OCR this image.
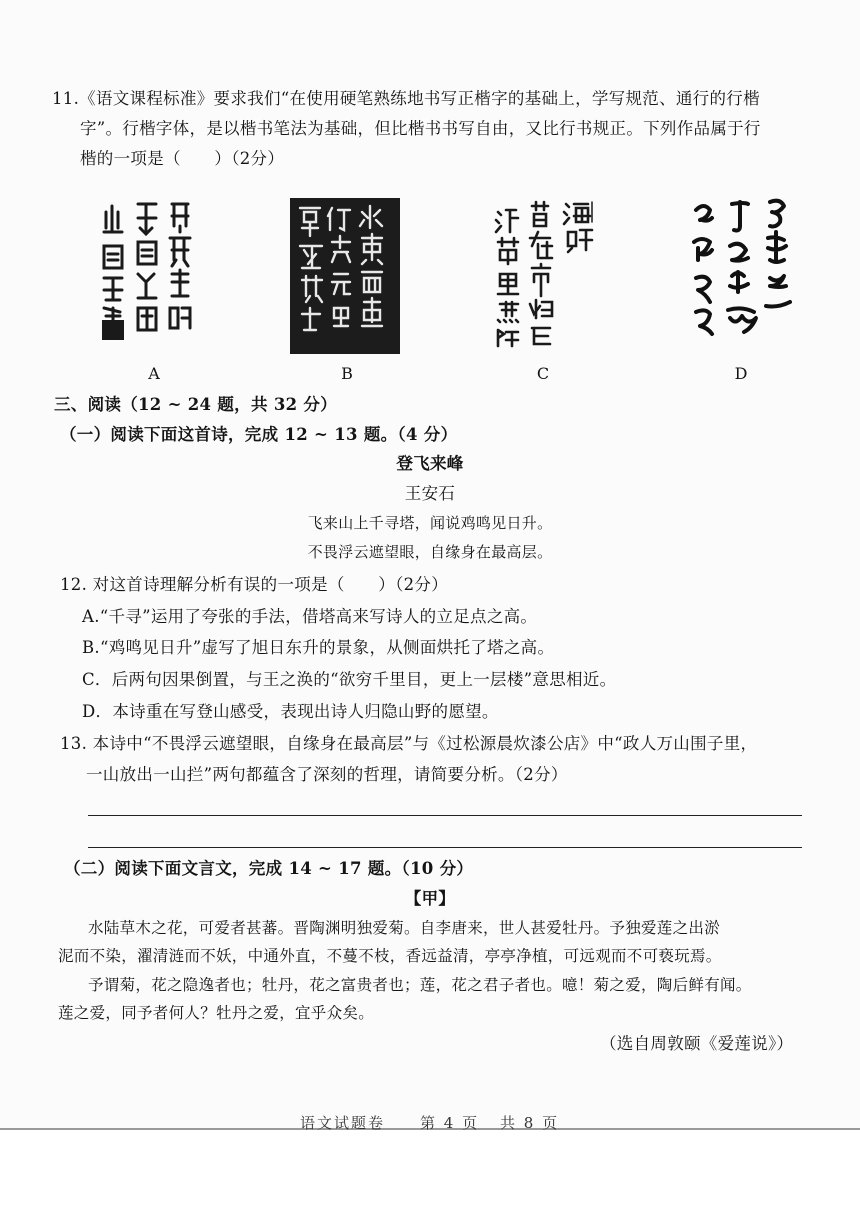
11.《语文课程标准》要求我们“在使用硬笔熟练地书写正楷字的基础上，学写规范、通行的行楷
字”。行楷字体，是以楷书笔法为基础，但比楷书书写自由，又比行书规正。下列作品属于行
楷的一项是（　　）（2分）
A	B	C	D
三、阅读（12 ~ 24 题，共 32 分）
（一）阅读下面这首诗，完成 12 ~ 13 题。（4 分）
登飞来峰
王安石
飞来山上千寻塔，闻说鸡鸣见日升。
不畏浮云遮望眼，自缘身在最高层。
12. 对这首诗理解分析有误的一项是（　　）（2分）
A.“千寻”运用了夸张的手法，借塔高来写诗人的立足点之高。
B.“鸡鸣见日升”虚写了旭日东升的景象，从侧面烘托了塔之高。
C．后两句因果倒置，与王之涣的“欲穷千里目，更上一层楼”意思相近。
D．本诗重在写登山感受，表现出诗人归隐山野的愿望。
13. 本诗中“不畏浮云遮望眼，自缘身在最高层”与《过松源晨炊漆公店》中“政人万山围子里，
一山放出一山拦”两句都蕴含了深刻的哲理，请简要分析。（2分）
（二）阅读下面文言文，完成 14 ~ 17 题。（10 分）
【甲】
水陆草木之花，可爱者甚蕃。晋陶渊明独爱菊。自李唐来，世人甚爱牡丹。予独爱莲之出淤
泥而不染，濯清涟而不妖，中通外直，不蔓不枝，香远益清，亭亭净植，可远观而不可亵玩焉。
予谓菊，花之隐逸者也；牡丹，花之富贵者也；莲，花之君子者也。噫！菊之爱，陶后鲜有闻。
莲之爱，同予者何人？牡丹之爱，宜乎众矣。
（选自周敦颐《爱莲说》）
语文试题卷 第 4 页 共 8 页
